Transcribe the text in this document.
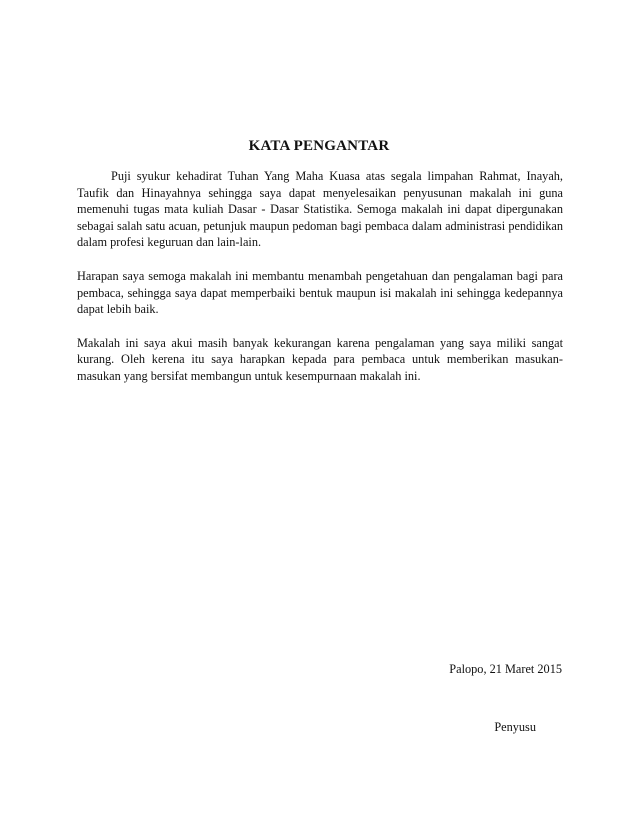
KATA PENGANTAR

Puji syukur kehadirat Tuhan Yang Maha Kuasa atas segala limpahan Rahmat, Inayah, Taufik dan Hinayahnya sehingga saya dapat menyelesaikan penyusunan makalah ini guna memenuhi tugas mata kuliah Dasar - Dasar Statistika. Semoga makalah ini dapat dipergunakan sebagai salah satu acuan, petunjuk maupun pedoman bagi pembaca dalam administrasi pendidikan dalam profesi keguruan dan lain-lain.

Harapan saya semoga makalah ini membantu menambah pengetahuan dan pengalaman bagi para pembaca, sehingga saya dapat memperbaiki bentuk maupun isi makalah ini sehingga kedepannya dapat lebih baik.

Makalah ini saya akui masih banyak kekurangan karena pengalaman yang saya miliki sangat kurang. Oleh kerena itu saya harapkan kepada para pembaca untuk memberikan masukan-masukan yang bersifat membangun untuk kesempurnaan makalah ini.

Palopo, 21 Maret 2015
Penyusu
